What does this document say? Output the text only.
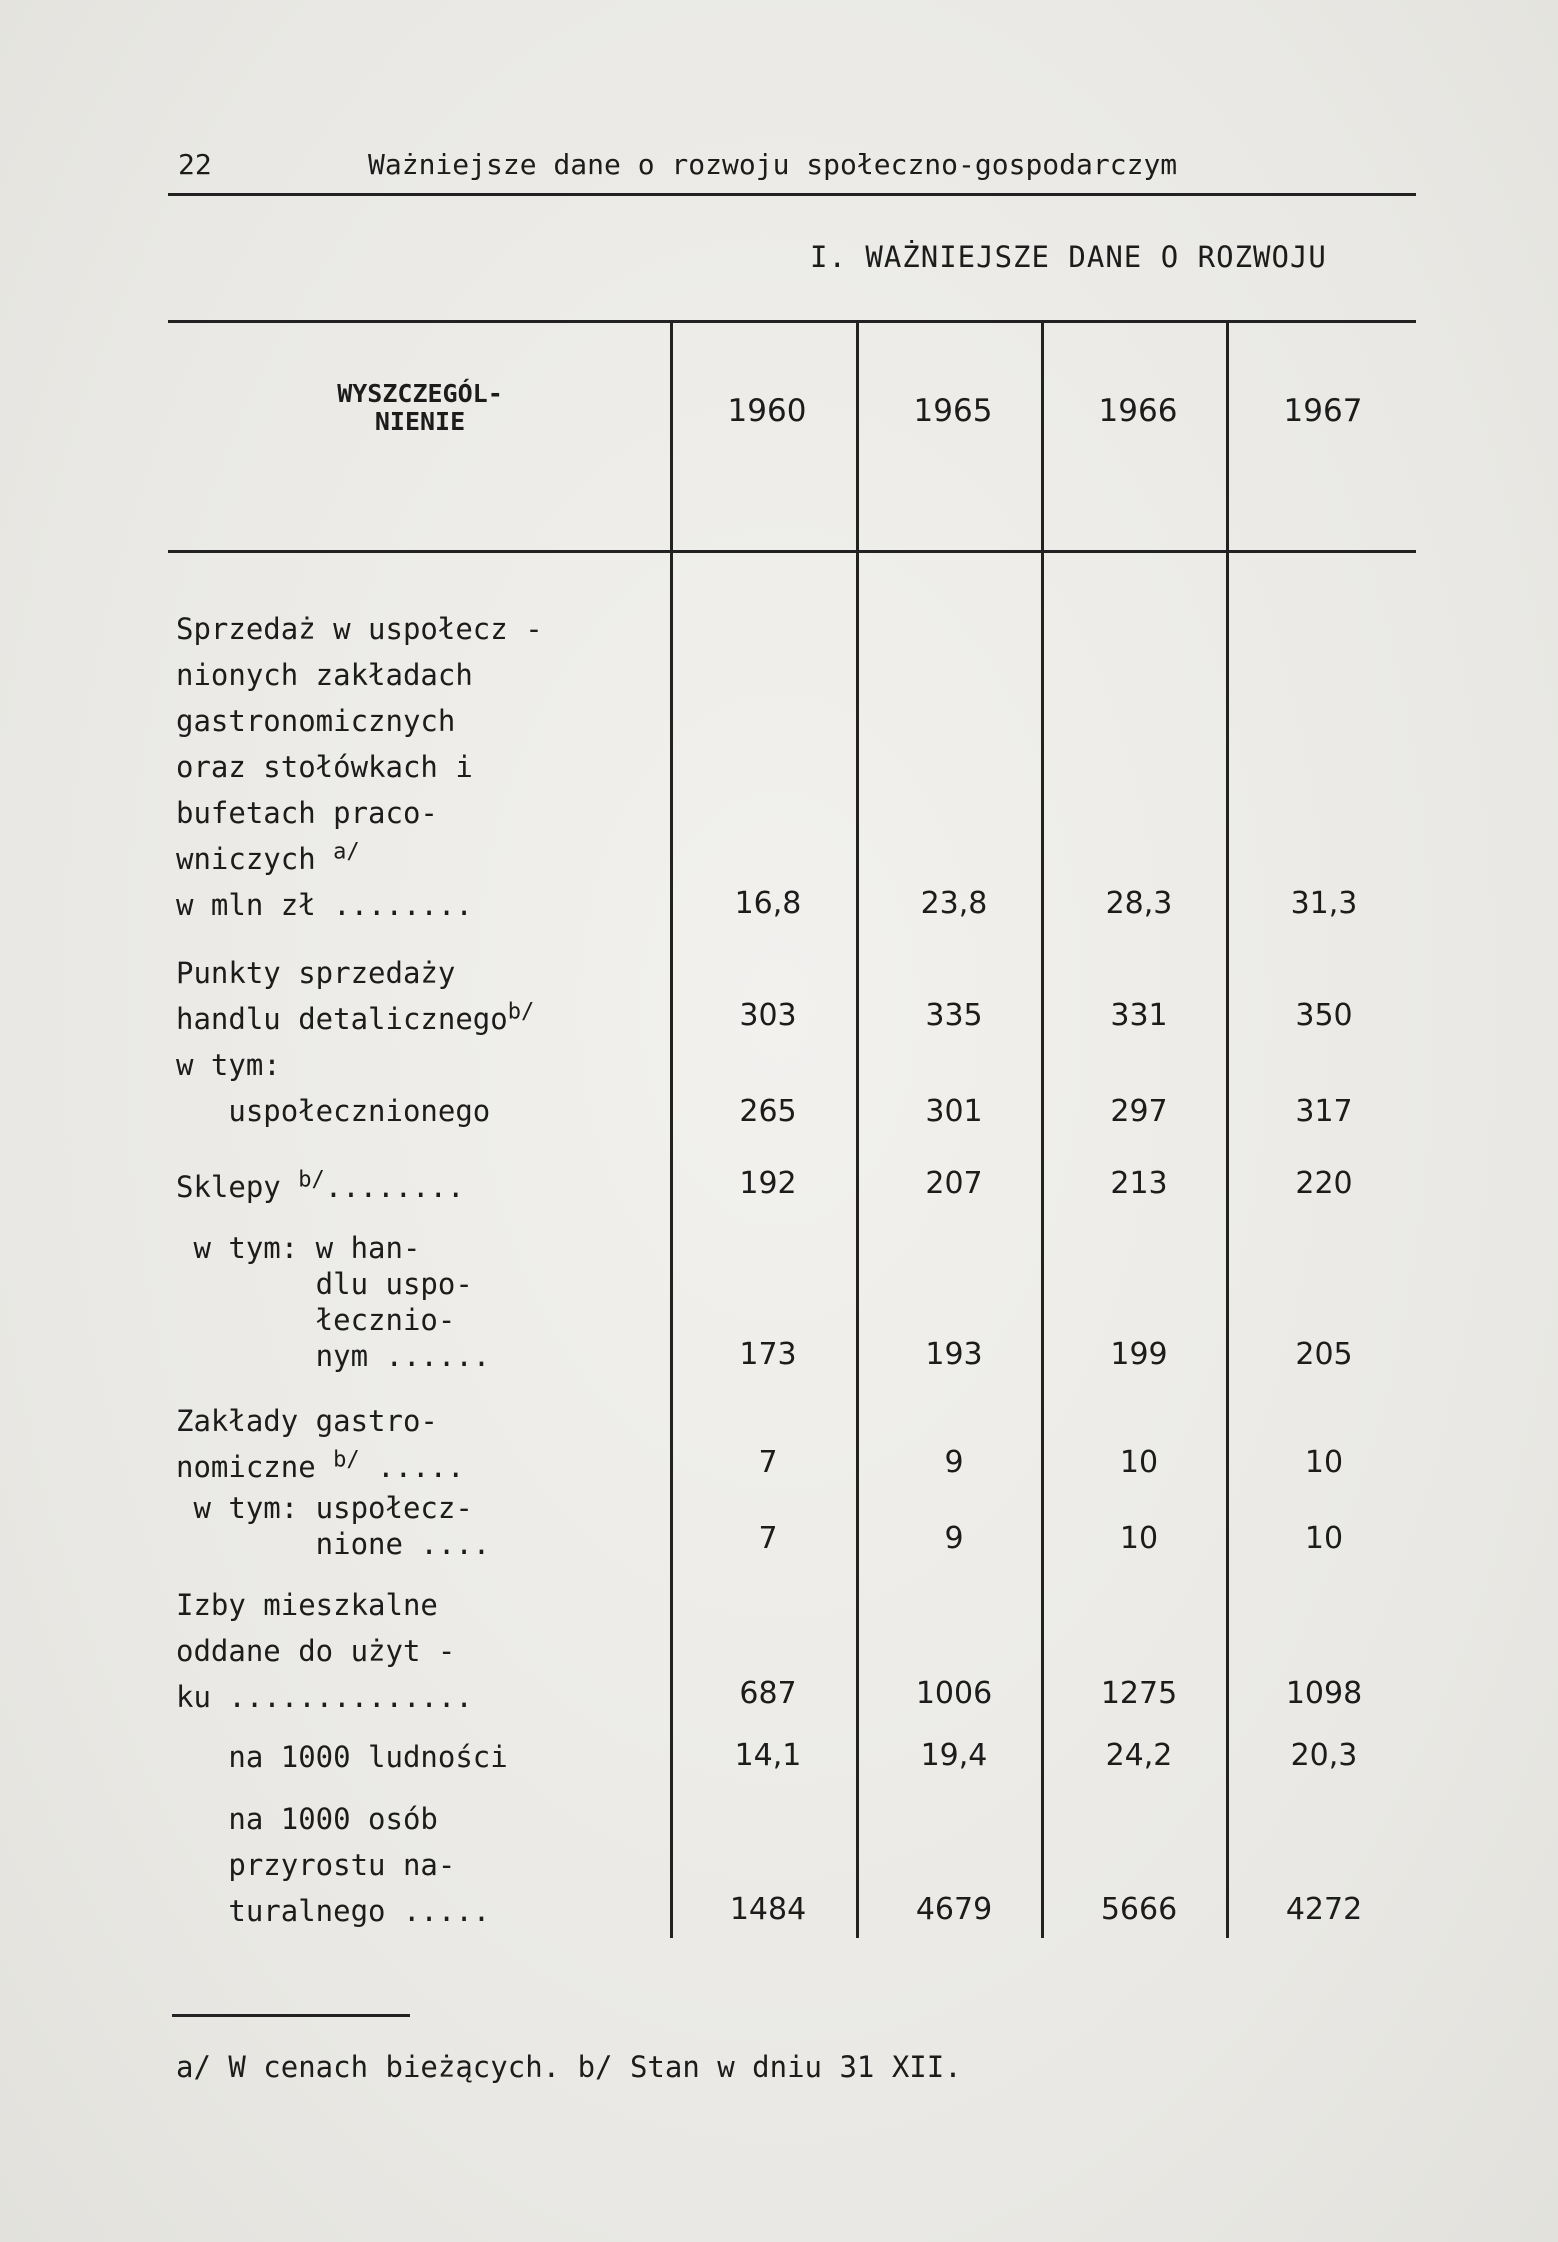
22	Ważniejsze dane o rozwoju społeczno-gospodarczym
I. WAŻNIEJSZE DANE O ROZWOJU
WYSZCZEGÓL-
NIENIE	1960	1965	1966	1967
Sprzedaż w uspołecz -
nionych zakładach
gastronomicznych
oraz stołówkach i
bufetach praco-
wniczych $^{a/}$
w mln zł ........	16,8	23,8	28,3	31,3
Punkty sprzedaży
handlu detalicznego$^{b/}$	303	335	331	350
w tym:
uspołecznionego	265	301	297	317
Sklepy $^{b/}$........	192	207	213	220
w tym: w han-
dlu uspo-
łecznio-
nym ......	173	193	199	205
Zakłady gastro-
nomiczne $^{b/}$ .....	7	9	10	10
w tym: uspołecz-
nione ....	7	9	10	10
Izby mieszkalne
oddane do użyt -
ku ..............	687	1006	1275	1098
na 1000 ludności	14,1	19,4	24,2	20,3
na 1000 osób
przyrostu na-
turalnego .....	1484	4679	5666	4272
a/ W cenach bieżących. b/ Stan w dniu 31 XII.
